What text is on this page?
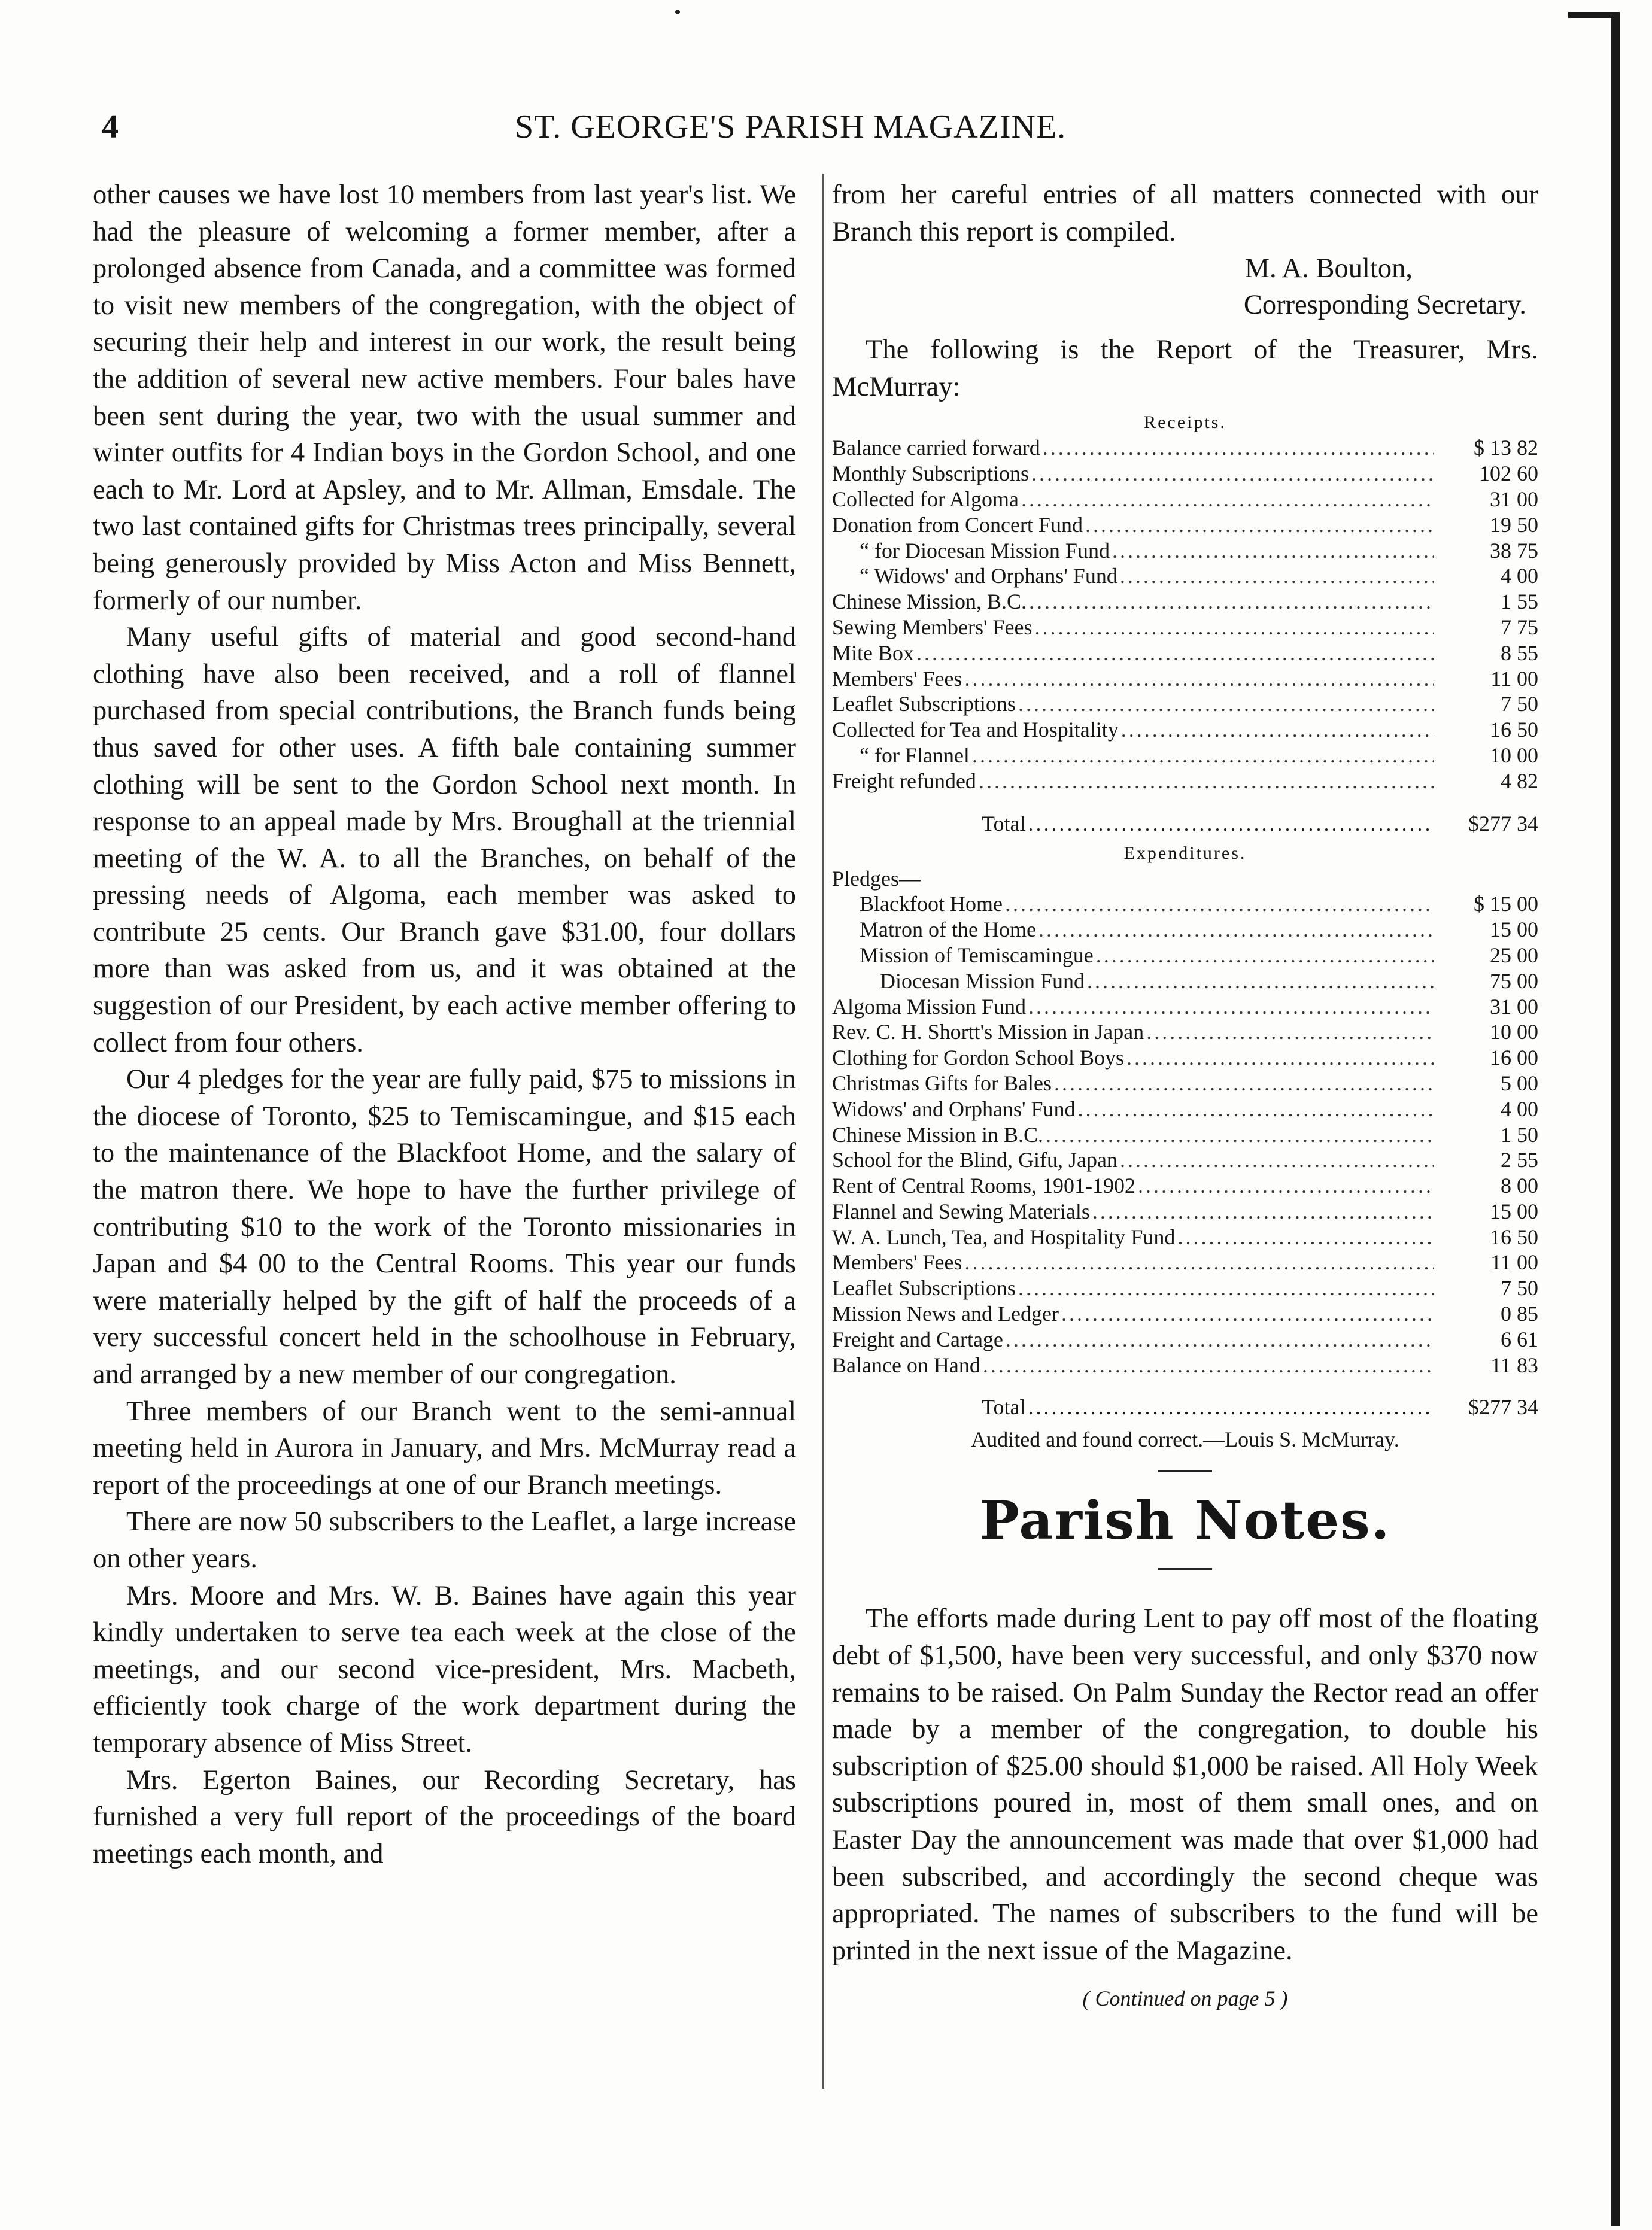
4	ST. GEORGE'S PARISH MAGAZINE.

other causes we have lost 10 members from last year's list. We had the pleasure of welcoming a former member, after a prolonged absence from Canada, and a committee was formed to visit new members of the congregation, with the object of securing their help and interest in our work, the result being the addition of several new active members. Four bales have been sent during the year, two with the usual summer and winter outfits for 4 Indian boys in the Gordon School, and one each to Mr. Lord at Apsley, and to Mr. Allman, Emsdale. The two last contained gifts for Christmas trees principally, several being generously provided by Miss Acton and Miss Bennett, formerly of our number.

Many useful gifts of material and good second-hand clothing have also been received, and a roll of flannel purchased from special contributions, the Branch funds being thus saved for other uses. A fifth bale containing summer clothing will be sent to the Gordon School next month. In response to an appeal made by Mrs. Broughall at the triennial meeting of the W. A. to all the Branches, on behalf of the pressing needs of Algoma, each member was asked to contribute 25 cents. Our Branch gave $31.00, four dollars more than was asked from us, and it was obtained at the suggestion of our President, by each active member offering to collect from four others.

Our 4 pledges for the year are fully paid, $75 to missions in the diocese of Toronto, $25 to Temiscamingue, and $15 each to the maintenance of the Blackfoot Home, and the salary of the matron there. We hope to have the further privilege of contributing $10 to the work of the Toronto missionaries in Japan and $4 00 to the Central Rooms. This year our funds were materially helped by the gift of half the proceeds of a very successful concert held in the schoolhouse in February, and arranged by a new member of our congregation.

Three members of our Branch went to the semi-annual meeting held in Aurora in January, and Mrs. McMurray read a report of the proceedings at one of our Branch meetings.

There are now 50 subscribers to the Leaflet, a large increase on other years.

Mrs. Moore and Mrs. W. B. Baines have again this year kindly undertaken to serve tea each week at the close of the meetings, and our second vice-president, Mrs. Macbeth, efficiently took charge of the work department during the temporary absence of Miss Street.

Mrs. Egerton Baines, our Recording Secretary, has furnished a very full report of the proceedings of the board meetings each month, and

from her careful entries of all matters connected with our Branch this report is compiled.

M. A. Boulton,
Corresponding Secretary.

The following is the Report of the Treasurer, Mrs. McMurray:

Receipts.
Balance carried forward .....	$ 13 82
Monthly Subscriptions .....	102 60
Collected for Algoma .....	31 00
Donation from Concert Fund .....	19 50
“ for Diocesan Mission Fund .....	38 75
“ Widows' and Orphans' Fund .....	4 00
Chinese Mission, B.C. .....	1 55
Sewing Members' Fees .....	7 75
Mite Box .....	8 55
Members' Fees .....	11 00
Leaflet Subscriptions .....	7 50
Collected for Tea and Hospitality .....	16 50
“ for Flannel .....	10 00
Freight refunded .....	4 82
Total .....	$277 34
Expenditures.
Pledges—
Blackfoot Home .....	$ 15 00
Matron of the Home .....	15 00
Mission of Temiscamingue .....	25 00
Diocesan Mission Fund .....	75 00
Algoma Mission Fund .....	31 00
Rev. C. H. Shortt's Mission in Japan .....	10 00
Clothing for Gordon School Boys .....	16 00
Christmas Gifts for Bales .....	5 00
Widows' and Orphans' Fund .....	4 00
Chinese Mission in B.C. .....	1 50
School for the Blind, Gifu, Japan .....	2 55
Rent of Central Rooms, 1901-1902 .....	8 00
Flannel and Sewing Materials .....	15 00
W. A. Lunch, Tea, and Hospitality Fund .....	16 50
Members' Fees .....	11 00
Leaflet Subscriptions .....	7 50
Mission News and Ledger .....	0 85
Freight and Cartage .....	6 61
Balance on Hand .....	11 83
Total .....	$277 34
Audited and found correct.—Louis S. McMurray.
Parish Notes.

The efforts made during Lent to pay off most of the floating debt of $1,500, have been very successful, and only $370 now remains to be raised. On Palm Sunday the Rector read an offer made by a member of the congregation, to double his subscription of $25.00 should $1,000 be raised. All Holy Week subscriptions poured in, most of them small ones, and on Easter Day the announcement was made that over $1,000 had been subscribed, and accordingly the second cheque was appropriated. The names of subscribers to the fund will be printed in the next issue of the Magazine.

( Continued on page 5 )
